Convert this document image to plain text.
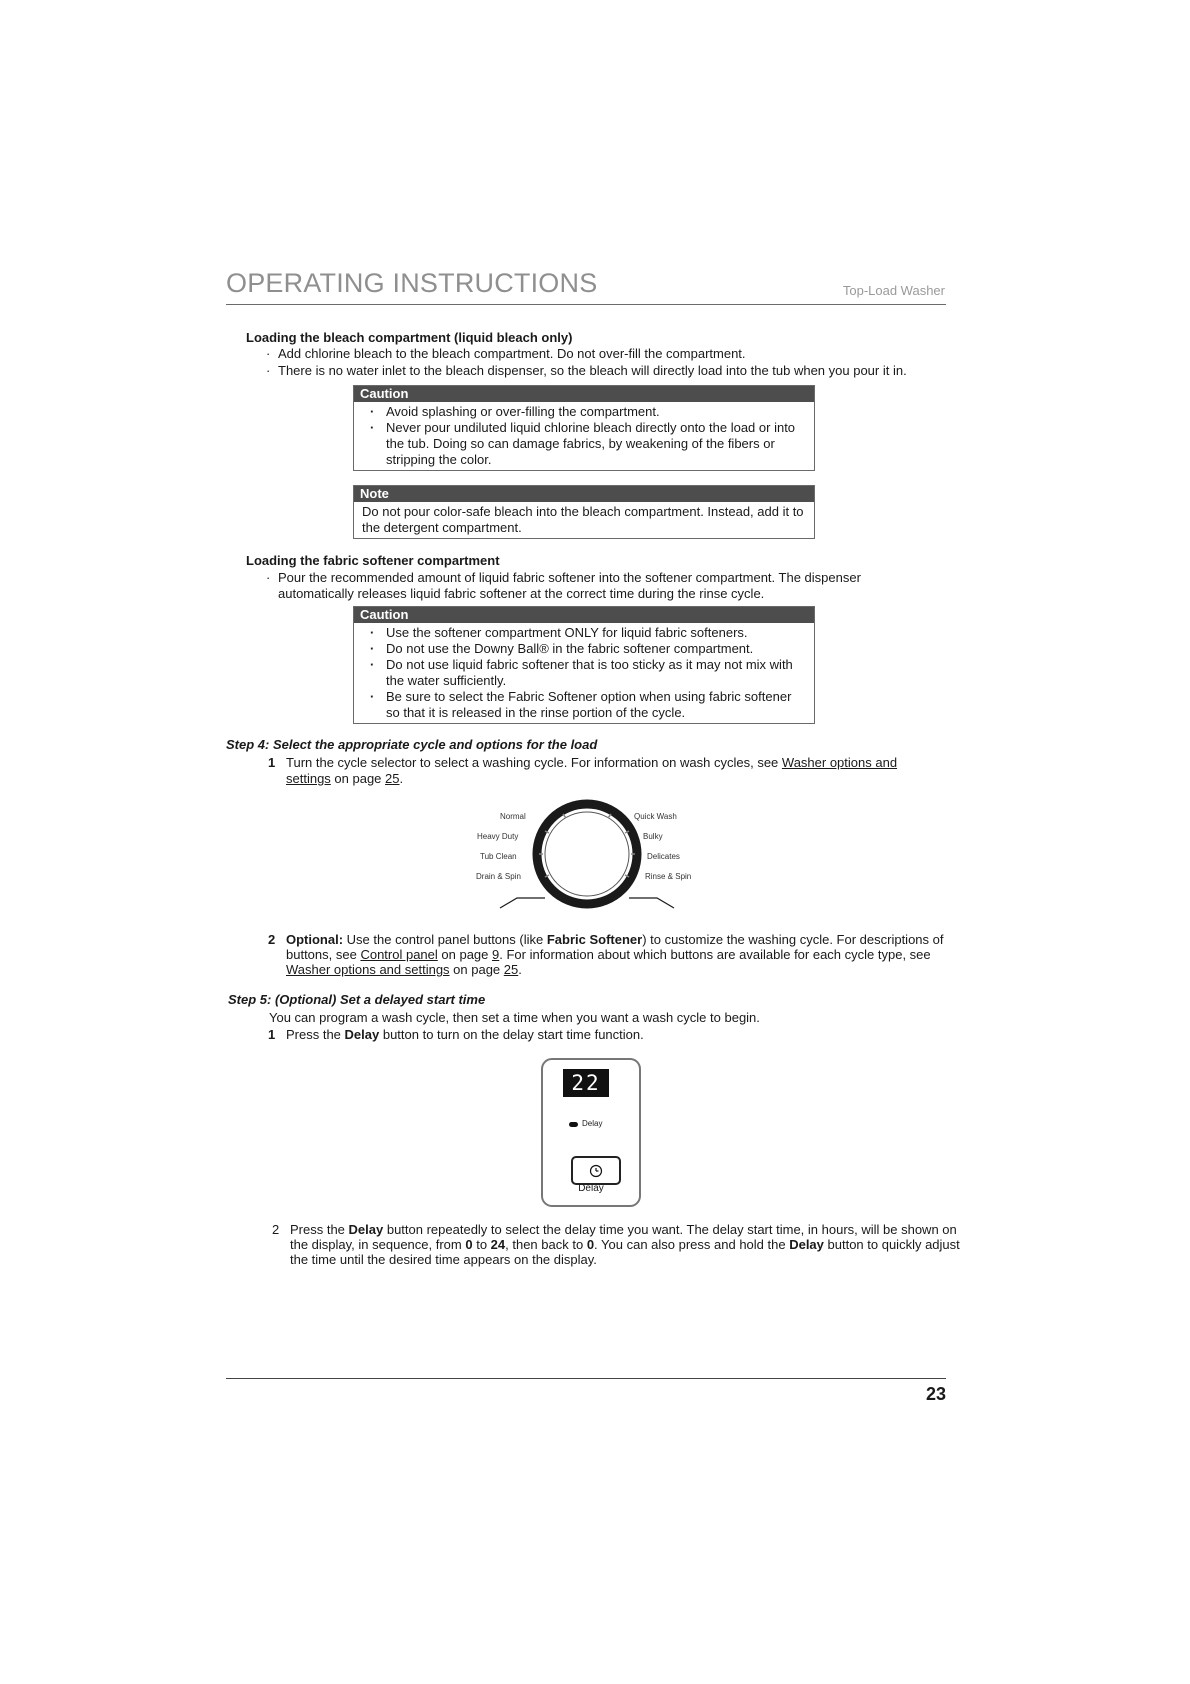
OPERATING INSTRUCTIONS	Top-Load Washer
Loading the bleach compartment (liquid bleach only)
· Add chlorine bleach to the bleach compartment. Do not over-fill the compartment.
· There is no water inlet to the bleach dispenser, so the bleach will directly load into the tub when you pour it in.
Caution
· Avoid splashing or over-filling the compartment.
· Never pour undiluted liquid chlorine bleach directly onto the load or into the tub. Doing so can damage fabrics, by weakening of the fibers or stripping the color.
Note
Do not pour color-safe bleach into the bleach compartment. Instead, add it to the detergent compartment.
Loading the fabric softener compartment
· Pour the recommended amount of liquid fabric softener into the softener compartment. The dispenser automatically releases liquid fabric softener at the correct time during the rinse cycle.
Caution
· Use the softener compartment ONLY for liquid fabric softeners.
· Do not use the Downy Ball® in the fabric softener compartment.
· Do not use liquid fabric softener that is too sticky as it may not mix with the water sufficiently.
· Be sure to select the Fabric Softener option when using fabric softener so that it is released in the rinse portion of the cycle.
Step 4: Select the appropriate cycle and options for the load
1 Turn the cycle selector to select a washing cycle. For information on wash cycles, see Washer options and settings on page 25.
Normal
Heavy Duty
Tub Clean
Drain & Spin
Quick Wash
Bulky
Delicates
Rinse & Spin
2 Optional: Use the control panel buttons (like Fabric Softener) to customize the washing cycle. For descriptions of buttons, see Control panel on page 9. For information about which buttons are available for each cycle type, see Washer options and settings on page 25.
Step 5: (Optional) Set a delayed start time
You can program a wash cycle, then set a time when you want a wash cycle to begin.
1 Press the Delay button to turn on the delay start time function.
22
Delay
Delay
2 Press the Delay button repeatedly to select the delay time you want. The delay start time, in hours, will be shown on the display, in sequence, from 0 to 24, then back to 0. You can also press and hold the Delay button to quickly adjust the time until the desired time appears on the display.
23
